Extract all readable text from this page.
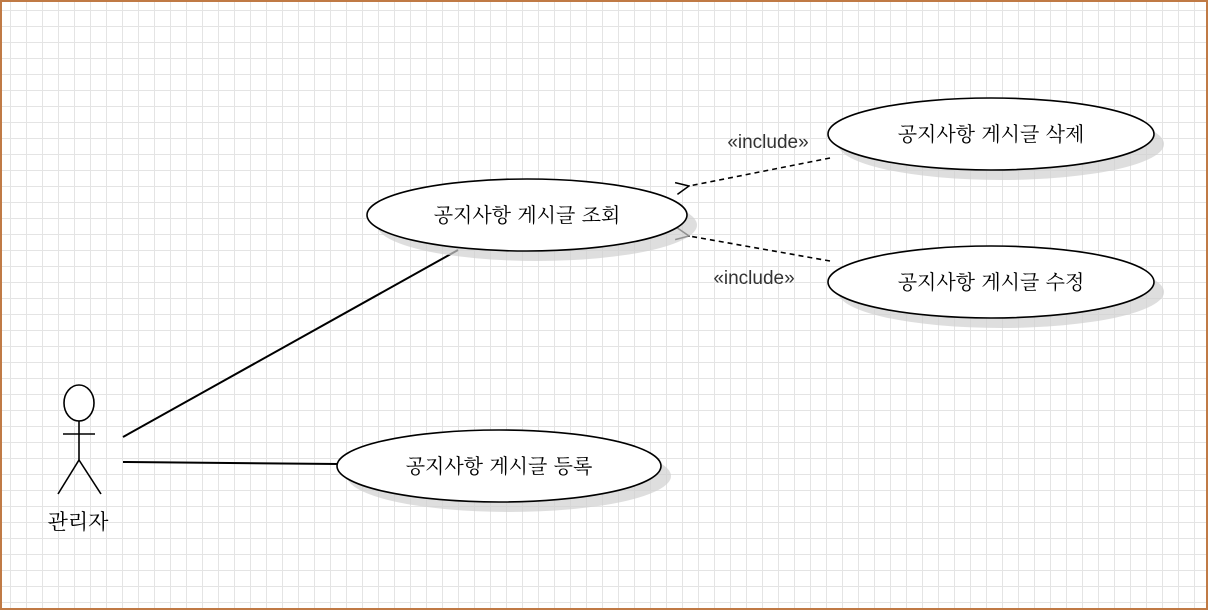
«include»
«include»
공지사항 게시글 조회
공지사항 게시글 삭제
공지사항 게시글 수정
공지사항 게시글 등록
관리자
